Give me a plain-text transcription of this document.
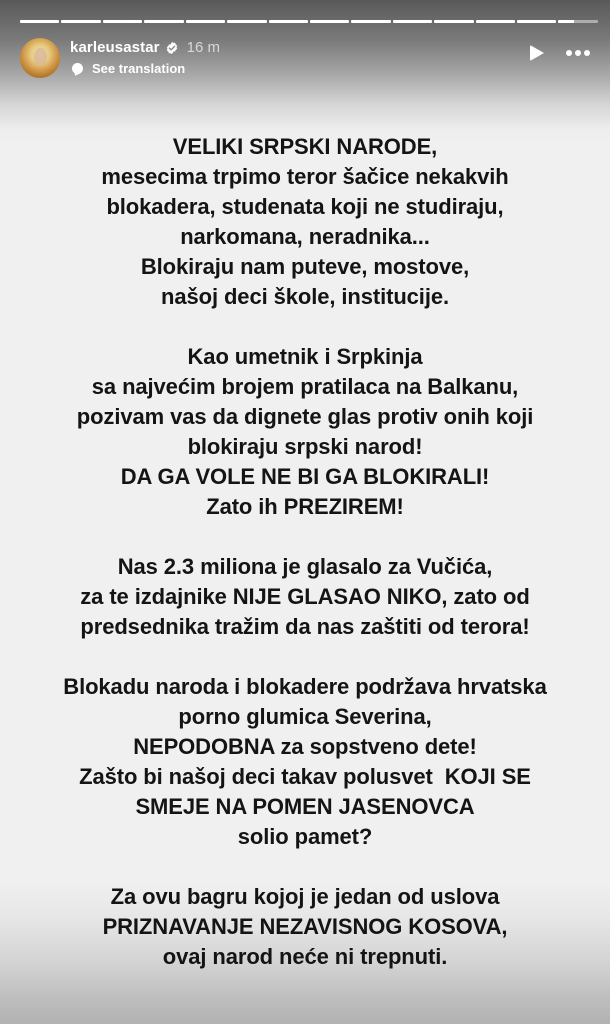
karleusastar 16 m
See translation
VELIKI SRPSKI NARODE,
mesecima trpimo teror šačice nekakvih
blokadera, studenata koji ne studiraju,
narkomana, neradnika...
Blokiraju nam puteve, mostove,
našoj deci škole, institucije.
Kao umetnik i Srpkinja
sa najvećim brojem pratilaca na Balkanu,
pozivam vas da dignete glas protiv onih koji
blokiraju srpski narod!
DA GA VOLE NE BI GA BLOKIRALI!
Zato ih PREZIREM!
Nas 2.3 miliona je glasalo za Vučića,
za te izdajnike NIJE GLASAO NIKO, zato od
predsednika tražim da nas zaštiti od terora!
Blokadu naroda i blokadere podržava hrvatska
porno glumica Severina,
NEPODOBNA za sopstveno dete!
Zašto bi našoj deci takav polusvet  KOJI SE
SMEJE NA POMEN JASENOVCA
solio pamet?
Za ovu bagru kojoj je jedan od uslova
PRIZNAVANJE NEZAVISNOG KOSOVA,
ovaj narod neće ni trepnuti.
